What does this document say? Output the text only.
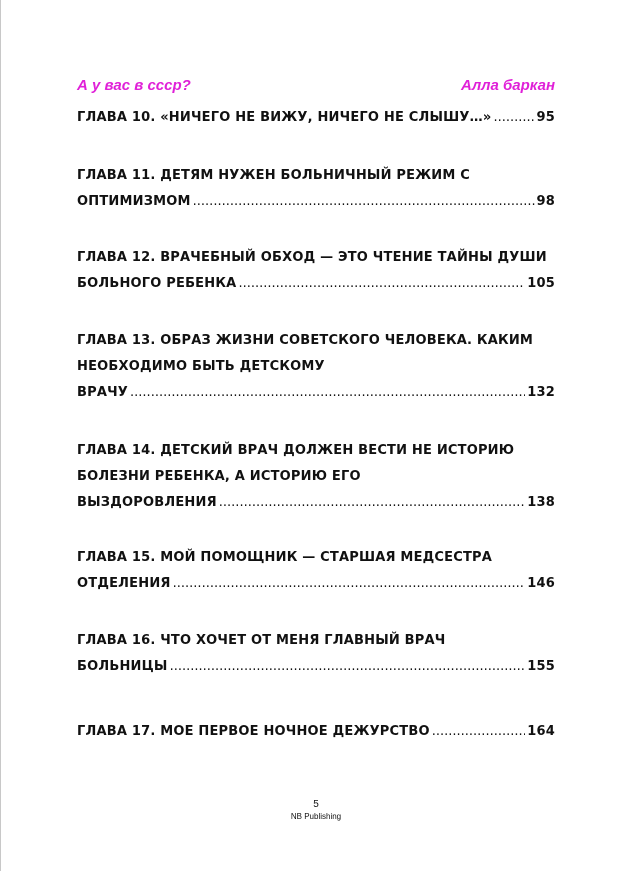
А у вас в ссср?	Алла баркан
ГЛАВА 10. «НИЧЕГО НЕ ВИЖУ, НИЧЕГО НЕ СЛЫШУ…» .....	95
ГЛАВА 11. ДЕТЯМ НУЖЕН БОЛЬНИЧНЫЙ РЕЖИМ С
ОПТИМИЗМОМ .....	98
ГЛАВА 12. ВРАЧЕБНЫЙ ОБХОД — ЭТО ЧТЕНИЕ ТАЙНЫ ДУШИ
БОЛЬНОГО РЕБЕНКА .....	105
ГЛАВА 13. ОБРАЗ ЖИЗНИ СОВЕТСКОГО ЧЕЛОВЕКА. КАКИМ
НЕОБХОДИМО БЫТЬ ДЕТСКОМУ
ВРАЧУ .....	132
ГЛАВА 14. ДЕТСКИЙ ВРАЧ ДОЛЖЕН ВЕСТИ НЕ ИСТОРИЮ
БОЛЕЗНИ РЕБЕНКА, А ИСТОРИЮ ЕГО
ВЫЗДОРОВЛЕНИЯ .....	138
ГЛАВА 15. МОЙ ПОМОЩНИК — СТАРШАЯ МЕДСЕСТРА
ОТДЕЛЕНИЯ .....	146
ГЛАВА 16. ЧТО ХОЧЕТ ОТ МЕНЯ ГЛАВНЫЙ ВРАЧ
БОЛЬНИЦЫ .....	155
ГЛАВА 17. МОЕ ПЕРВОЕ НОЧНОЕ ДЕЖУРСТВО .....	164
5
NB Publishing
